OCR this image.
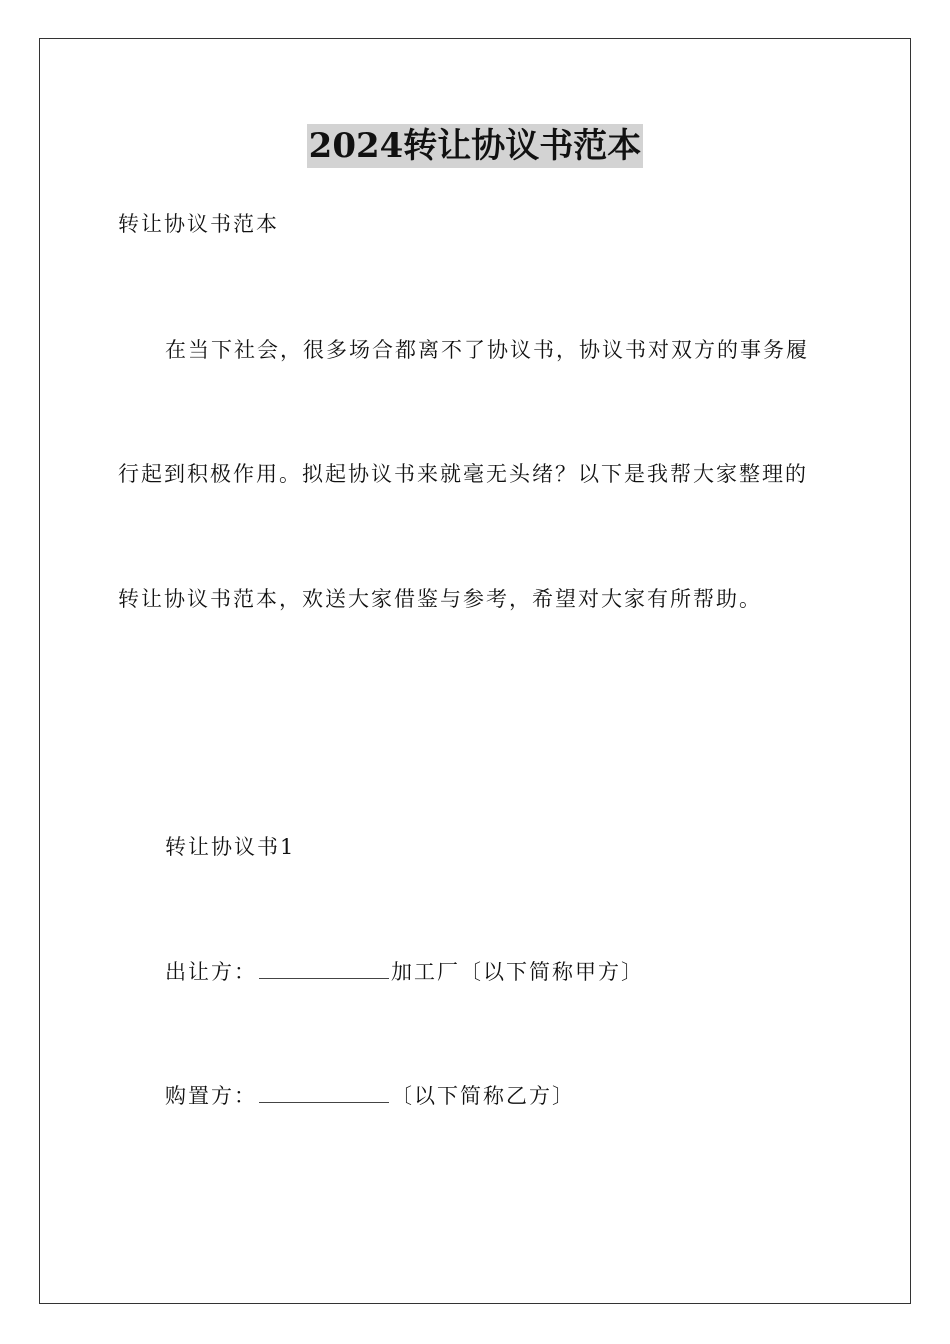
2024转让协议书范本
转让协议书范本
在当下社会，很多场合都离不了协议书，协议书对双方的事务履
行起到积极作用。拟起协议书来就毫无头绪？以下是我帮大家整理的
转让协议书范本，欢送大家借鉴与参考，希望对大家有所帮助。
转让协议书1
出让方：	加工厂〔以下简称甲方〕
购置方：	〔以下简称乙方〕
